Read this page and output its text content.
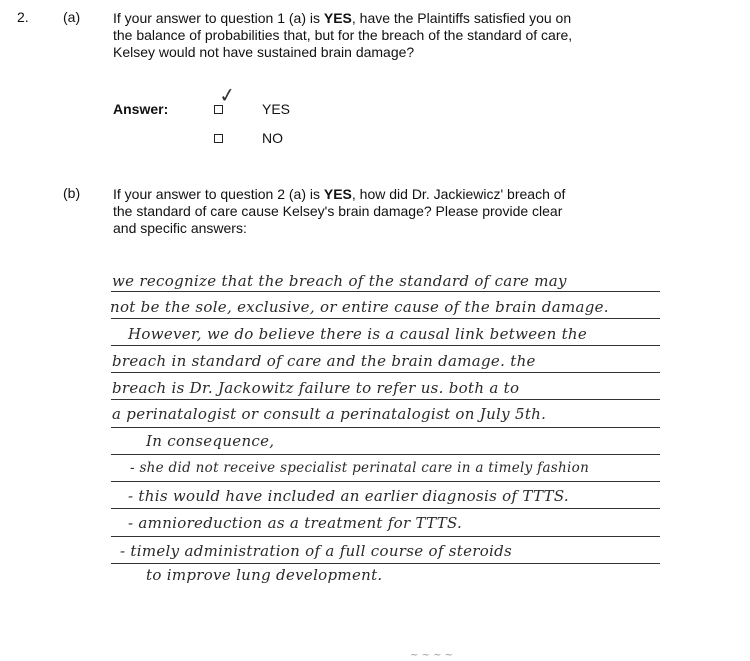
2. (a) If your answer to question 1 (a) is YES, have the Plaintiffs satisfied you on
the balance of probabilities that, but for the breach of the standard of care,
Kelsey would not have sustained brain damage?
Answer:
✓
YES
NO
(b) If your answer to question 2 (a) is YES, how did Dr. Jackiewicz' breach of
the standard of care cause Kelsey's brain damage? Please provide clear
and specific answers:
we recognize that the breach of the standard of care may
not be the sole, exclusive, or entire cause of the brain damage.
However, we do believe there is a causal link between the
breach in standard of care and the brain damage. the
breach is Dr. Jackowitz failure to refer us. both a to
a perinatalogist or consult a perinatalogist on July 5th.
In consequence,
- she did not receive specialist perinatal care in a timely fashion
- this would have included an earlier diagnosis of TTTS.
- amnioreduction as a treatment for TTTS.
- timely administration of a full course of steroids
to improve lung development.
~ ~ ~ ~
